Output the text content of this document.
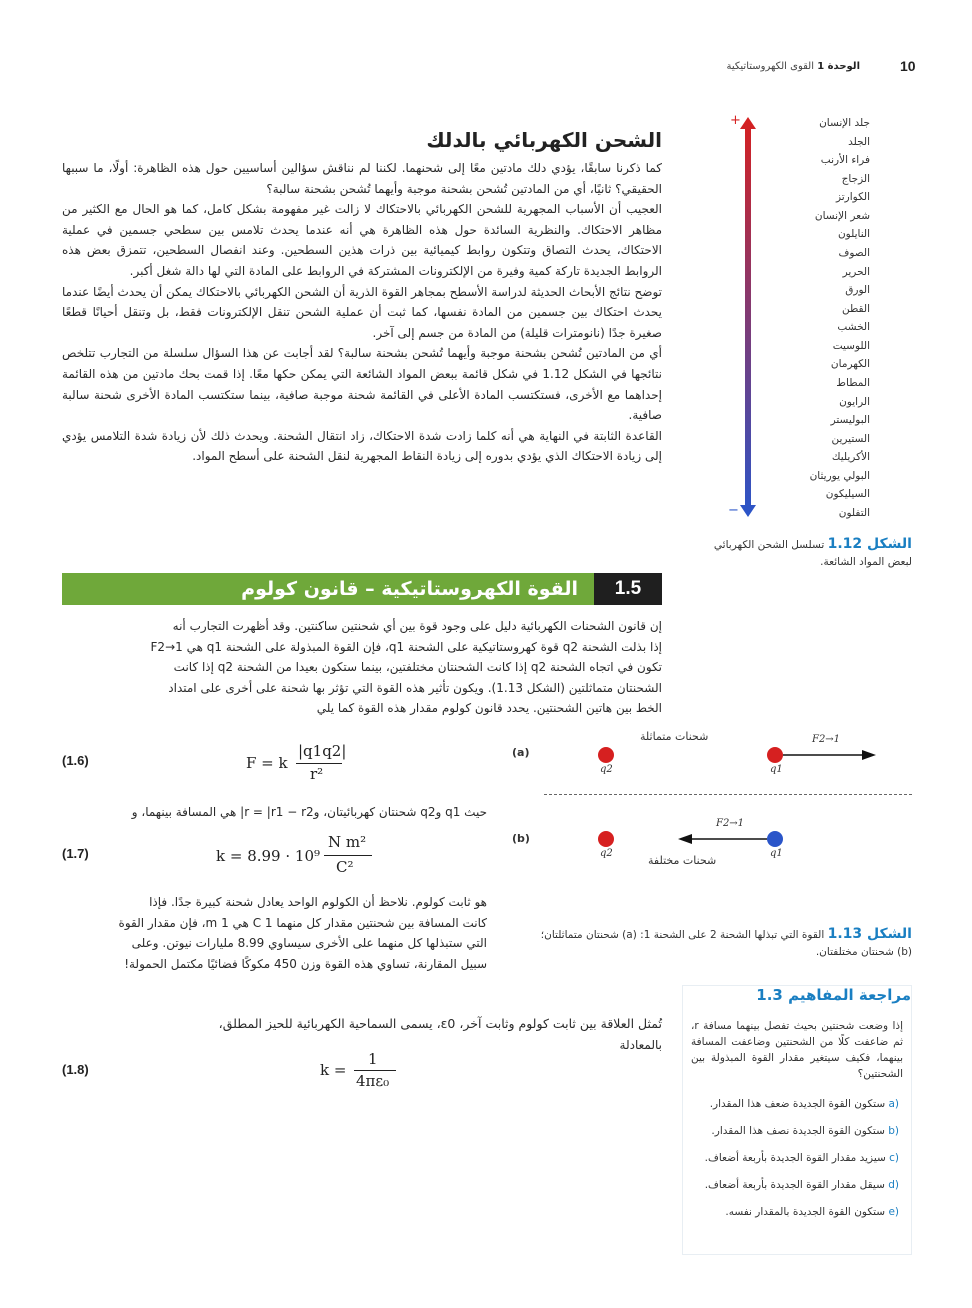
10
الوحدة 1 القوى الكهروستاتيكية
الشحن الكهربائي بالدلك

كما ذكرنا سابقًا، يؤدي دلك مادتين معًا إلى شحنهما. لكننا لم نناقش سؤالين أساسيين حول هذه الظاهرة: أولًا، ما سببها الحقيقي؟ ثانيًا، أي من المادتين تُشحن بشحنة موجبة وأيهما تُشحن بشحنة سالبة؟

العجيب أن الأسباب المجهرية للشحن الكهربائي بالاحتكاك لا زالت غير مفهومة بشكل كامل، كما هو الحال مع الكثير من مظاهر الاحتكاك. والنظرية السائدة حول هذه الظاهرة هي أنه عندما يحدث تلامس بين سطحي جسمين في عملية الاحتكاك، يحدث التصاق وتتكون روابط كيميائية بين ذرات هذين السطحين. وعند انفصال السطحين، تتمزق بعض هذه الروابط الجديدة تاركة كمية وفيرة من الإلكترونات المشتركة في الروابط على المادة التي لها دالة شغل أكبر.

توضح نتائج الأبحاث الحديثة لدراسة الأسطح بمجاهر القوة الذرية أن الشحن الكهربائي بالاحتكاك يمكن أن يحدث أيضًا عندما يحدث احتكاك بين جسمين من المادة نفسها، كما ثبت أن عملية الشحن تنقل الإلكترونات فقط، بل وتنقل أحيانًا قطعًا صغيرة جدًا (نانومترات قليلة) من المادة من جسم إلى آخر.

أي من المادتين تُشحن بشحنة موجبة وأيهما تُشحن بشحنة سالبة؟ لقد أجابت عن هذا السؤال سلسلة من التجارب تتلخص نتائجها في الشكل 1.12 في شكل قائمة ببعض المواد الشائعة التي يمكن حكها معًا. إذا قمت بحك مادتين من هذه القائمة إحداهما مع الأخرى، فستكتسب المادة الأعلى في القائمة شحنة موجبة صافية، بينما ستكتسب المادة الأخرى شحنة سالبة صافية.

القاعدة الثابتة في النهاية هي أنه كلما زادت شدة الاحتكاك، زاد انتقال الشحنة. ويحدث ذلك لأن زيادة شدة التلامس يؤدي إلى زيادة الاحتكاك الذي يؤدي بدوره إلى زيادة النقاط المجهرية لنقل الشحنة على أسطح المواد.

+
−
جلد الإنسان
الجلد
فراء الأرنب
الزجاج
الكوارتز
شعر الإنسان
النايلون
الصوف
الحرير
الورق
القطن
الخشب
اللوسيت
الكهرمان
المطاط
الرايون
البوليستر
الستيرين
الأكريليك
البولي يوريثان
السيليكون
التفلون
الشكل 1.12 تسلسل الشحن الكهربائي لبعض المواد الشائعة.
1.5
القوة الكهروستاتيكية – قانون كولوم

إن قانون الشحنات الكهربائية دليل على وجود قوة بين أي شحنتين ساكنتين. وقد أظهرت التجارب أنه

إذا بذلت الشحنة q2 قوة كهروستاتيكية على الشحنة q1، فإن القوة المبذولة على الشحنة q1 هي F2→1

تكون في اتجاه الشحنة q2 إذا كانت الشحنتان مختلفتين، بينما ستكون بعيدا من الشحنة q2 إذا كانت

الشحنتان متماثلتين (الشكل 1.13). ويكون تأثير هذه القوة التي تؤثر بها شحنة على أخرى على امتداد

الخط بين هاتين الشحنتين. يحدد قانون كولوم مقدار هذه القوة كما يلي

(1.6)	F = k
|q1q2|
r²

حيث q1 وq2 شحنتان كهربائيتان، وr = |r1 − r2| هي المسافة بينهما، و

(1.7)	k = 8.99 · 10⁹
N m²
C²

هو ثابت كولوم. نلاحظ أن الكولوم الواحد يعادل شحنة كبيرة جدًا. فإذا

كانت المسافة بين شحنتين مقدار كل منهما 1 C هي 1 m، فإن مقدار القوة

التي ستبذلها كل منهما على الأخرى سيساوي 8.99 مليارات نيوتن. وعلى

سبيل المقارنة، تساوي هذه القوة وزن 450 مكوكًا فضائيًا مكتمل الحمولة!

تُمثل العلاقة بين ثابت كولوم وثابت آخر، ε0، يسمى السماحية الكهربائية للحيز المطلق،

بالمعادلة

(1.8)	k =
1
4πε₀
(a)
شحنات متماثلة	F2→1
q2	q1
(b)
F2→1
q2	q1
شحنات مختلفة
الشكل 1.13 القوة التي تبذلها الشحنة 2 على الشحنة 1: (a) شحنتان متماثلتان؛ (b) شحنتان مختلفتان.
مراجعة المفاهيم 1.3

إذا وضعت شحنتين بحيث تفصل بينهما مسافة r، ثم ضاعفت كلًا من الشحنتين وضاعفت المسافة بينهما، فكيف سيتغير مقدار القوة المبذولة بين الشحنتين؟

a) ستكون القوة الجديدة ضعف هذا المقدار.
b) ستكون القوة الجديدة نصف هذا المقدار.
c) سيزيد مقدار القوة الجديدة بأربعة أضعاف.
d) سيقل مقدار القوة الجديدة بأربعة أضعاف.
e) ستكون القوة الجديدة بالمقدار نفسه.
